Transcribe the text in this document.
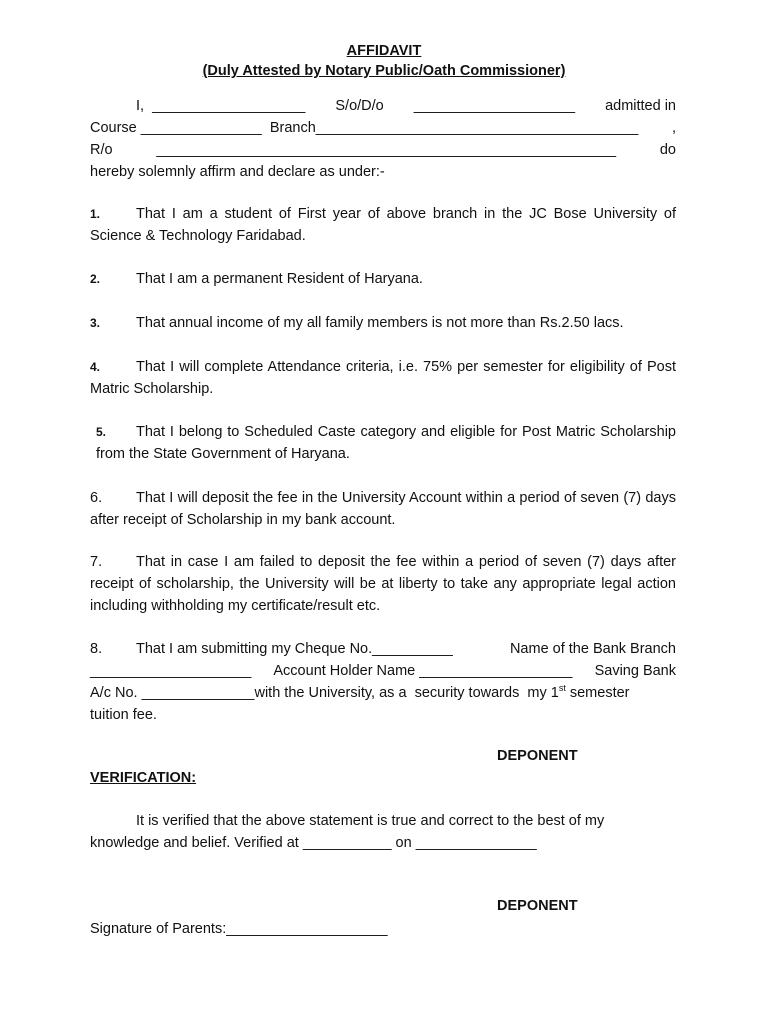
AFFIDAVIT
(Duly Attested by Notary Public/Oath Commissioner)
I, ___________________ S/o/D/o ____________________ admitted in
Course _______________ Branch________________________________________ ,
R/o	_________________________________________________________	do
hereby solemnly affirm and declare as under:-
1. That I am a student of First year of above branch in the JC Bose University of Science & Technology Faridabad.
2. That I am a permanent Resident of Haryana.
3. That annual income of my all family members is not more than Rs.2.50 lacs.
4. That I will complete Attendance criteria, i.e. 75% per semester for eligibility of Post Matric Scholarship.
5. That I belong to Scheduled Caste category and eligible for Post Matric Scholarship from the State Government of Haryana.
6. That I will deposit the fee in the University Account within a period of seven (7) days after receipt of Scholarship in my bank account.
7. That in case I am failed to deposit the fee within a period of seven (7) days after receipt of scholarship, the University will be at liberty to take any appropriate legal action including withholding my certificate/result etc.
8. That I am submitting my Cheque No.__________	Name of the Bank Branch
____________________ Account Holder Name ___________________ Saving Bank
A/c No. ______________with the University, as a  security towards  my 1st semester
tuition fee.
DEPONENT
VERIFICATION:
It is verified that the above statement is true and correct to the best of my
knowledge and belief. Verified at ___________ on _______________
DEPONENT
Signature of Parents:____________________
